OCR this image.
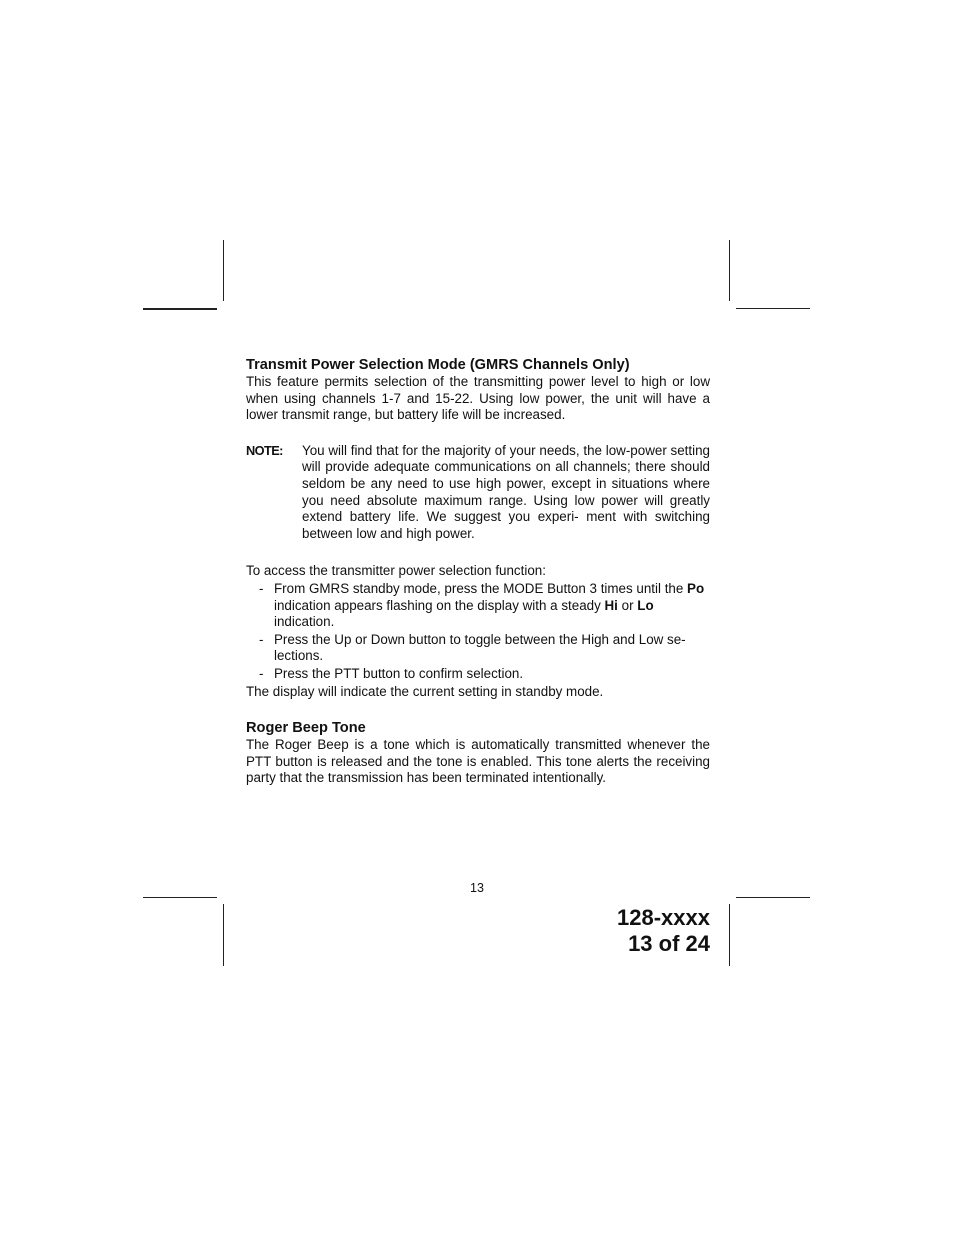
Transmit Power Selection Mode (GMRS Channels Only)

This feature permits selection of the transmitting power level to high or low when using channels 1-7 and 15-22. Using low power, the unit will have a lower transmit range, but battery life will be increased.

NOTE:	You will find that for the majority of your needs, the low-power setting will provide adequate communications on all channels; there should seldom be any need to use high power, except in situations where you need absolute maximum range. Using low power will greatly extend battery life. We suggest you experi- ment with switching between low and high power.

To access the transmitter power selection function:

- From GMRS standby mode, press the MODE Button 3 times until the Po indication appears flashing on the display with a steady Hi or Lo indication.
- Press the Up or Down button to toggle between the High and Low se- lections.
- Press the PTT button to confirm selection.

The display will indicate the current setting in standby mode.

Roger Beep Tone

The Roger Beep is a tone which is automatically transmitted whenever the PTT button is released and the tone is enabled. This tone alerts the receiving party that the transmission has been terminated intentionally.

13
128-xxxx
13 of 24
